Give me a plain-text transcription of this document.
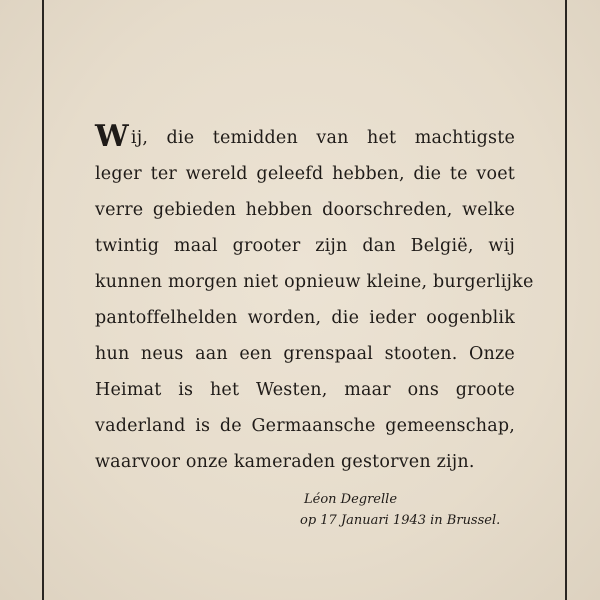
Wij, die temidden van het machtigste
leger ter wereld geleefd hebben, die te voet
verre gebieden hebben doorschreden, welke
twintig maal grooter zijn dan België, wij
kunnen morgen niet opnieuw kleine, burgerlijke
pantoffelhelden worden, die ieder oogenblik
hun neus aan een grenspaal stooten. Onze
Heimat is het Westen, maar ons groote
vaderland is de Germaansche gemeenschap,
waarvoor onze kameraden gestorven zijn.
Léon Degrelle
op 17 Januari 1943 in Brussel.
